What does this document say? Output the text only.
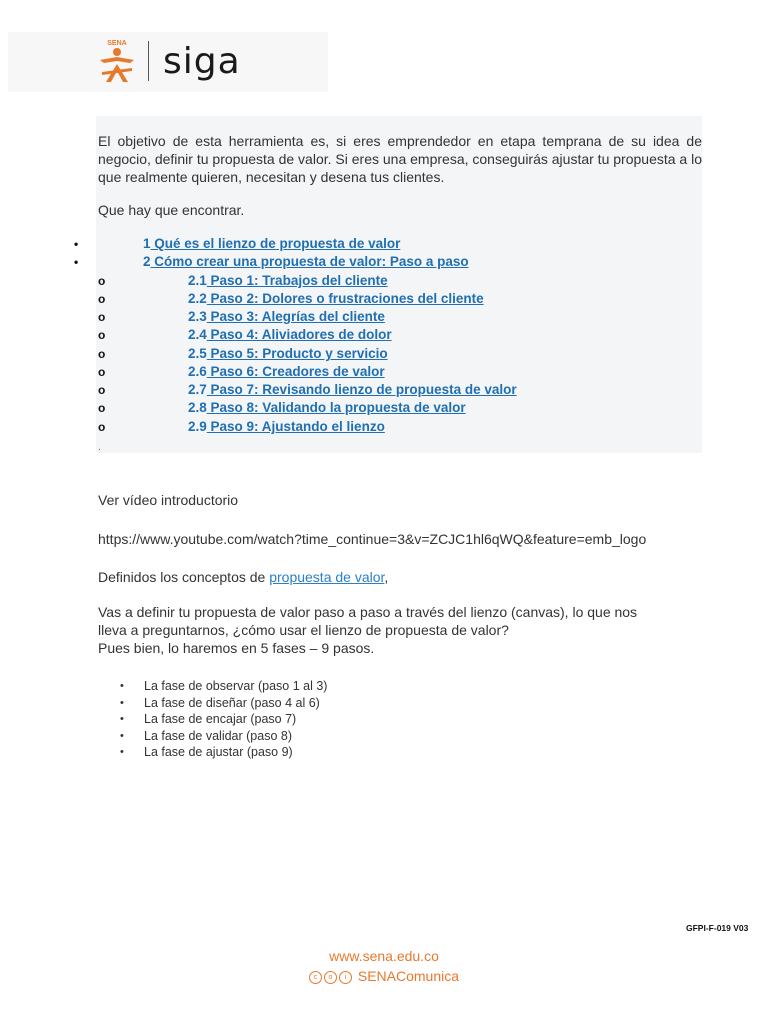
SENA siga

El objetivo de esta herramienta es, si eres emprendedor en etapa temprana de su idea de negocio, definir tu propuesta de valor. Si eres una empresa, conseguirás ajustar tu propuesta a lo que realmente quieren, necesitan y desena tus clientes.

Que hay que encontrar.

•	1 Qué es el lienzo de propuesta de valor
•	2 Cómo crear una propuesta de valor: Paso a paso
o	2.1 Paso 1: Trabajos del cliente
o	2.2 Paso 2: Dolores o frustraciones del cliente
o	2.3 Paso 3: Alegrías del cliente
o	2.4 Paso 4: Aliviadores de dolor
o	2.5 Paso 5: Producto y servicio
o	2.6 Paso 6: Creadores de valor
o	2.7 Paso 7: Revisando lienzo de propuesta de valor
o	2.8 Paso 8: Validando la propuesta de valor
o	2.9 Paso 9: Ajustando el lienzo
.

Ver vídeo introductorio

https://www.youtube.com/watch?time_continue=3&v=ZCJC1hl6qWQ&feature=emb_logo

Definidos los conceptos de propuesta de valor,

Vas a definir tu propuesta de valor paso a paso a través del lienzo (canvas), lo que nos

lleva a preguntarnos, ¿cómo usar el lienzo de propuesta de valor?

Pues bien, lo haremos en 5 fases – 9 pasos.

• La fase de observar (paso 1 al 3)
• La fase de diseñar (paso 4 al 6)
• La fase de encajar (paso 7)
• La fase de validar (paso 8)
• La fase de ajustar (paso 9)
GFPI-F-019 V03
www.sena.edu.co
c o i SENAComunica
